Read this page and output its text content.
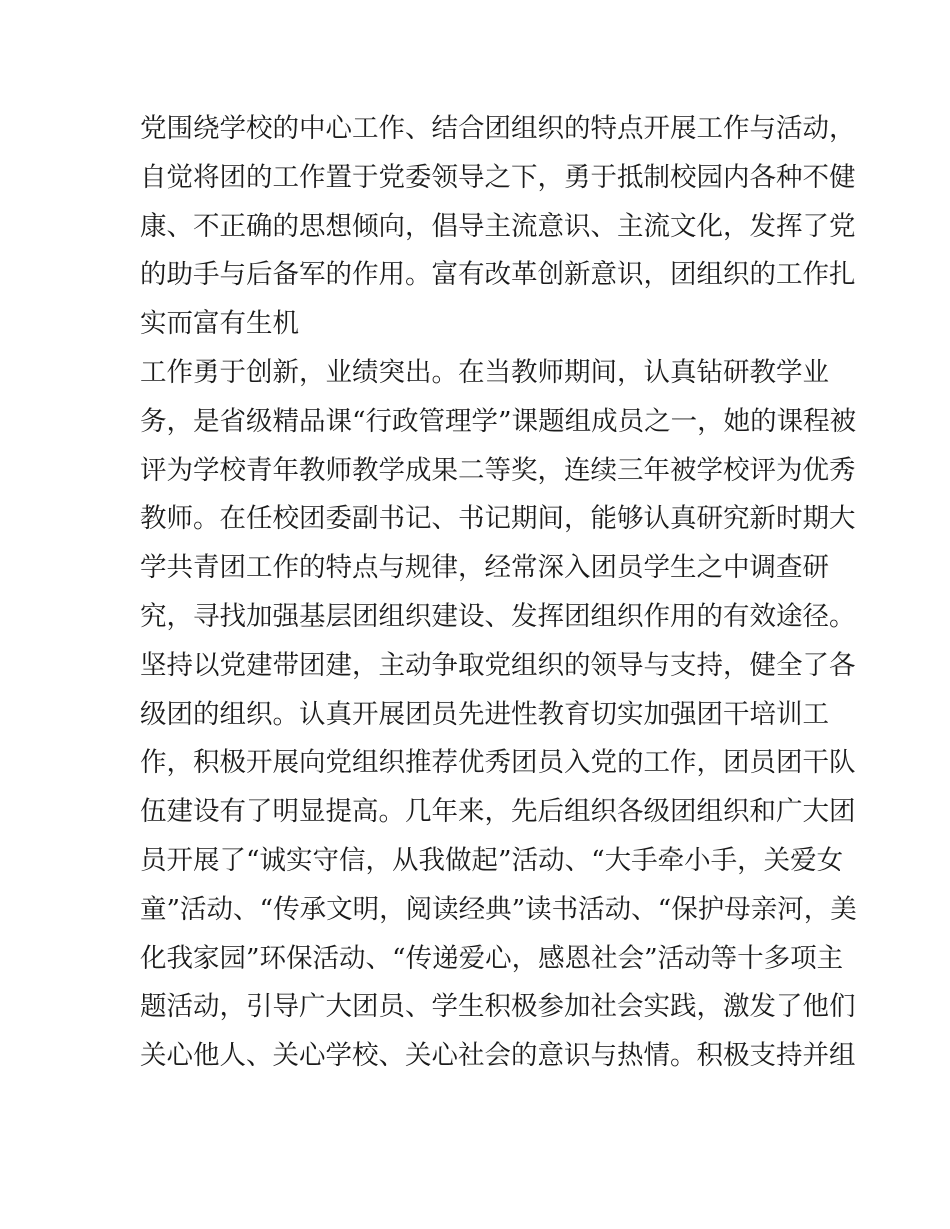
党围绕学校的中心工作、结合团组织的特点开展工作与活动，
自觉将团的工作置于党委领导之下，勇于抵制校园内各种不健
康、不正确的思想倾向，倡导主流意识、主流文化，发挥了党
的助手与后备军的作用。富有改革创新意识，团组织的工作扎
实而富有生机
工作勇于创新，业绩突出。在当教师期间，认真钻研教学业
务，是省级精品课“行政管理学”课题组成员之一，她的课程被
评为学校青年教师教学成果二等奖，连续三年被学校评为优秀
教师。在任校团委副书记、书记期间，能够认真研究新时期大
学共青团工作的特点与规律，经常深入团员学生之中调查研
究，寻找加强基层团组织建设、发挥团组织作用的有效途径。
坚持以党建带团建，主动争取党组织的领导与支持，健全了各
级团的组织。认真开展团员先进性教育切实加强团干培训工
作，积极开展向党组织推荐优秀团员入党的工作，团员团干队
伍建设有了明显提高。几年来，先后组织各级团组织和广大团
员开展了“诚实守信，从我做起”活动、“大手牵小手，关爱女
童”活动、“传承文明，阅读经典”读书活动、“保护母亲河，美
化我家园”环保活动、“传递爱心，感恩社会”活动等十多项主
题活动，引导广大团员、学生积极参加社会实践，激发了他们
关心他人、关心学校、关心社会的意识与热情。积极支持并组
